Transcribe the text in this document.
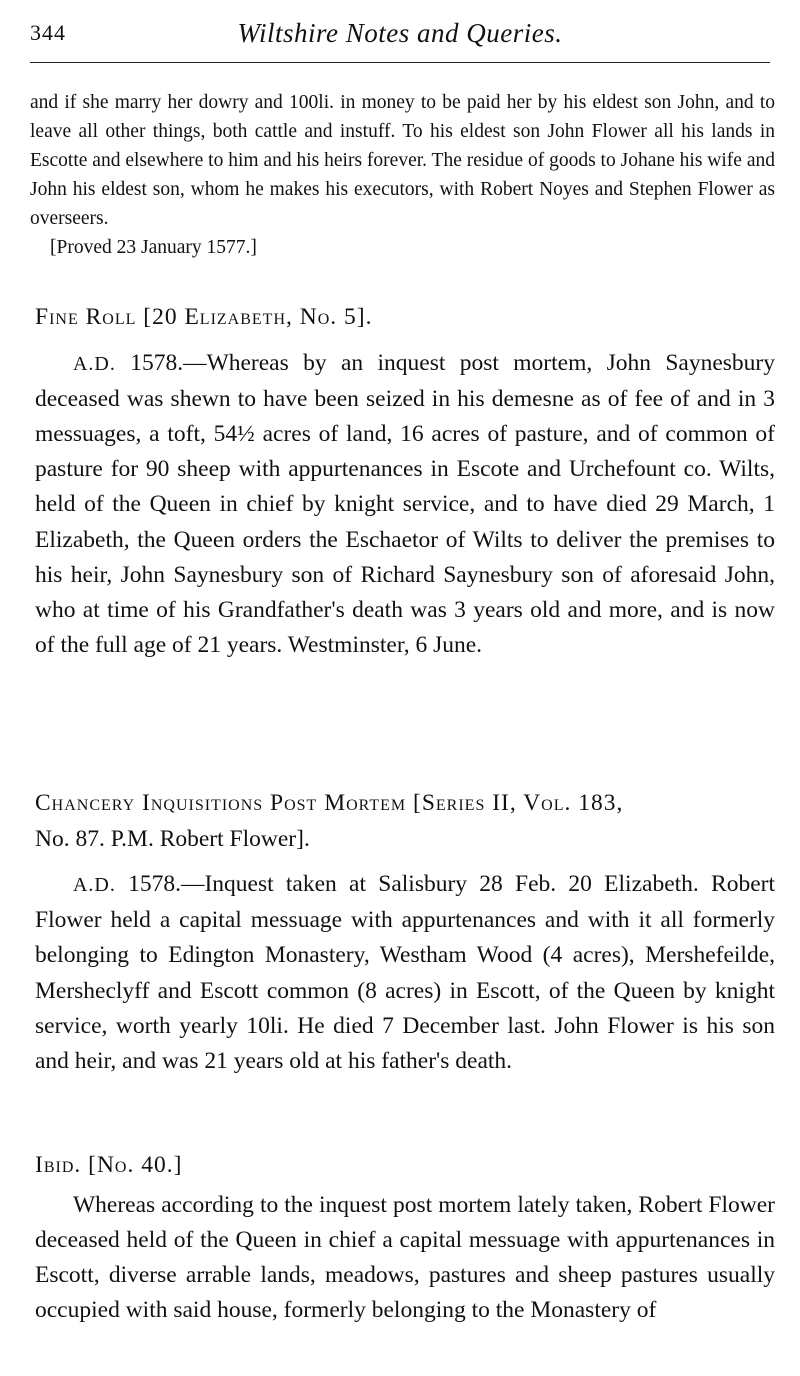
344	Wiltshire Notes and Queries.

and if she marry her dowry and 100li. in money to be paid her by his eldest son John, and to leave all other things, both cattle and instuff. To his eldest son John Flower all his lands in Escotte and elsewhere to him and his heirs forever. The residue of goods to Johane his wife and John his eldest son, whom he makes his executors, with Robert Noyes and Stephen Flower as overseers.

[Proved 23 January 1577.]

Fine Roll [20 Elizabeth, No. 5].

A.D. 1578.—Whereas by an inquest post mortem, John Saynesbury deceased was shewn to have been seized in his demesne as of fee of and in 3 messuages, a toft, 54½ acres of land, 16 acres of pasture, and of common of pasture for 90 sheep with appurtenances in Escote and Urchefount co. Wilts, held of the Queen in chief by knight service, and to have died 29 March, 1 Elizabeth, the Queen orders the Eschaetor of Wilts to deliver the premises to his heir, John Saynesbury son of Richard Saynesbury son of aforesaid John, who at time of his Grandfather's death was 3 years old and more, and is now of the full age of 21 years. Westminster, 6 June.

Chancery Inquisitions Post Mortem [Series II, Vol. 183,

No. 87. P.M. Robert Flower].

A.D. 1578.—Inquest taken at Salisbury 28 Feb. 20 Elizabeth. Robert Flower held a capital messuage with appurtenances and with it all formerly belonging to Edington Monastery, Westham Wood (4 acres), Mershefeilde, Mersheclyff and Escott common (8 acres) in Escott, of the Queen by knight service, worth yearly 10li. He died 7 December last. John Flower is his son and heir, and was 21 years old at his father's death.

Ibid. [No. 40.]

Whereas according to the inquest post mortem lately taken, Robert Flower deceased held of the Queen in chief a capital messuage with appurtenances in Escott, diverse arrable lands, meadows, pastures and sheep pastures usually occupied with said house, formerly belonging to the Monastery of
